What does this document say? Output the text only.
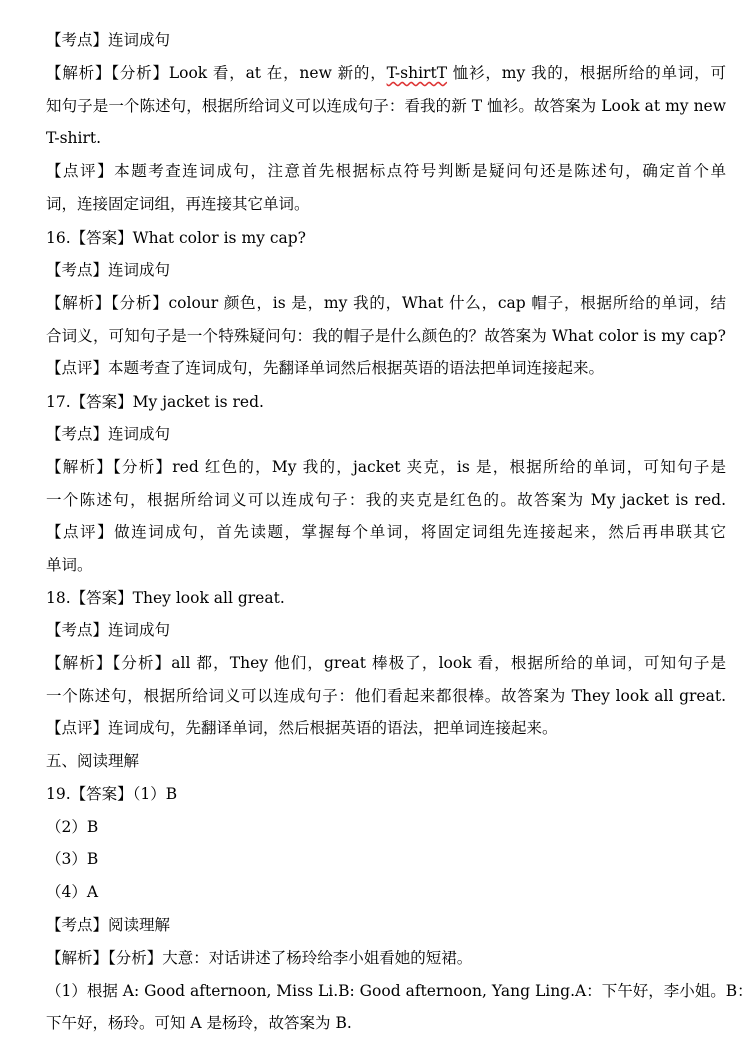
【考点】连词成句
【解析】【分析】Look 看，at 在，new 新的，T-shirtT 恤衫，my 我的，根据所给的单词，可
知句子是一个陈述句，根据所给词义可以连成句子：看我的新 T 恤衫。故答案为 Look at my new
T-shirt.
【点评】本题考查连词成句，注意首先根据标点符号判断是疑问句还是陈述句，确定首个单
词，连接固定词组，再连接其它单词。
16.【答案】What color is my cap?
【考点】连词成句
【解析】【分析】colour 颜色，is 是，my 我的，What 什么，cap 帽子，根据所给的单词，结
合词义，可知句子是一个特殊疑问句：我的帽子是什么颜色的？故答案为 What color is my cap?
【点评】本题考查了连词成句，先翻译单词然后根据英语的语法把单词连接起来。
17.【答案】My jacket is red.
【考点】连词成句
【解析】【分析】red 红色的，My 我的，jacket 夹克，is 是，根据所给的单词，可知句子是
一个陈述句，根据所给词义可以连成句子：我的夹克是红色的。故答案为 My jacket is red.
【点评】做连词成句，首先读题，掌握每个单词，将固定词组先连接起来，然后再串联其它
单词。
18.【答案】They look all great.
【考点】连词成句
【解析】【分析】all 都，They 他们，great 棒极了，look 看，根据所给的单词，可知句子是
一个陈述句，根据所给词义可以连成句子：他们看起来都很棒。故答案为 They look all great.
【点评】连词成句，先翻译单词，然后根据英语的语法，把单词连接起来。
五、阅读理解
19.【答案】（1）B
（2）B
（3）B
（4）A
【考点】阅读理解
【解析】【分析】大意：对话讲述了杨玲给李小姐看她的短裙。
（1）根据 A: Good afternoon, Miss Li.B: Good afternoon, Yang Ling.A：下午好，李小姐。B：
下午好，杨玲。可知 A 是杨玲，故答案为 B.
